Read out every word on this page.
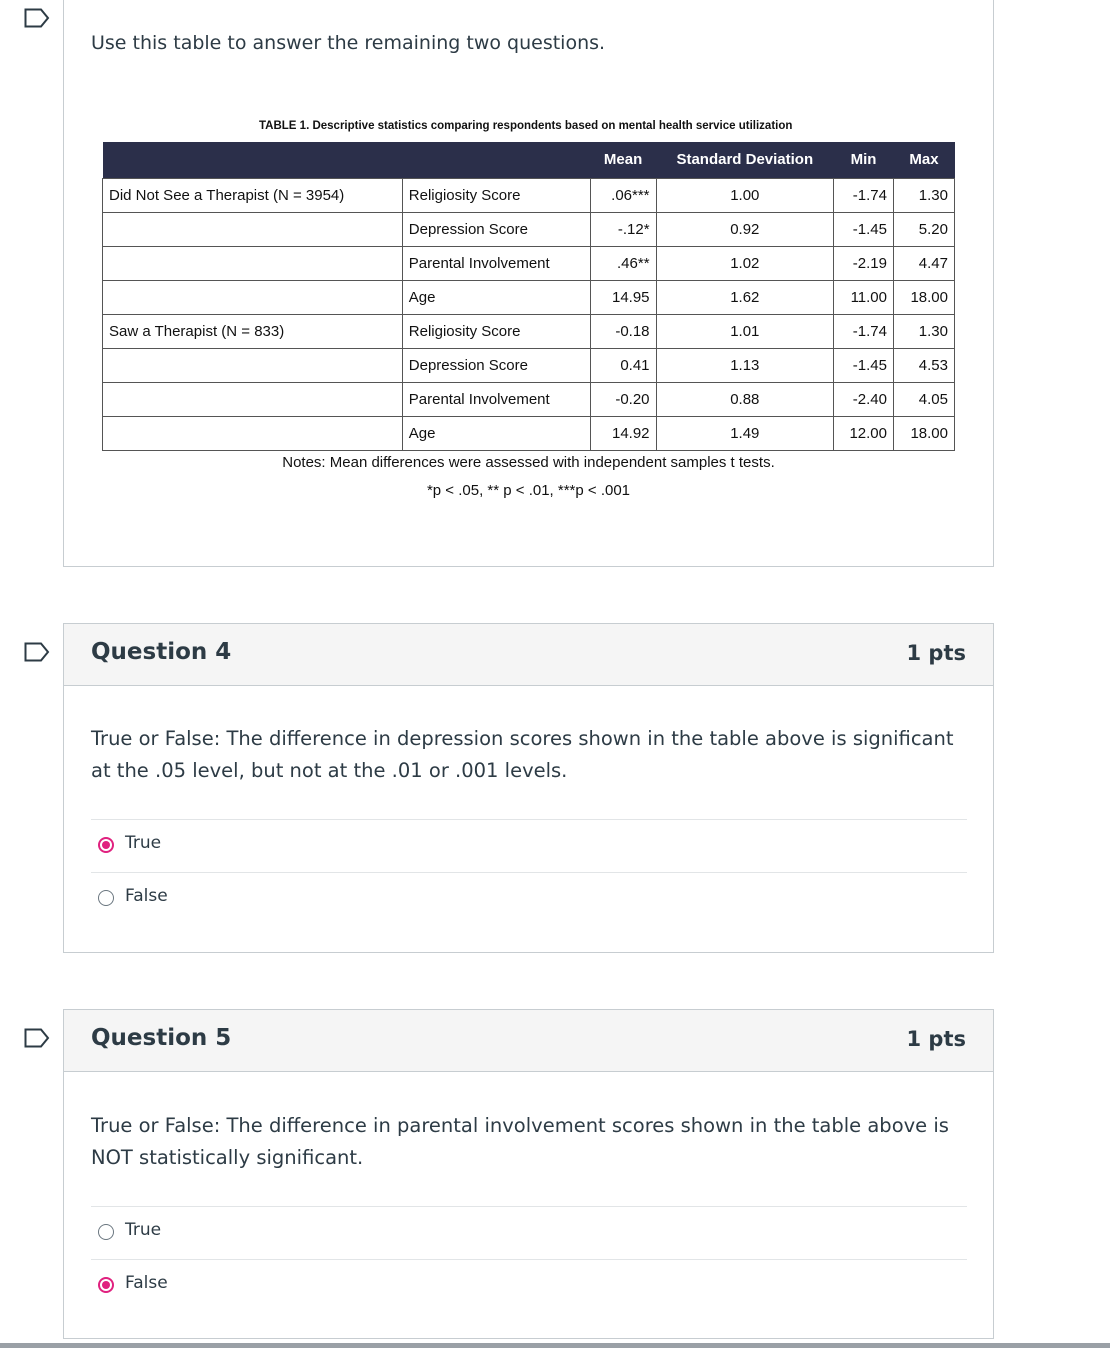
Use this table to answer the remaining two questions.
TABLE 1. Descriptive statistics comparing respondents based on mental health service utilization
		Mean	Standard Deviation	Min	Max
Did Not See a Therapist (N = 3954)	Religiosity Score	.06***	1.00	-1.74	1.30
	Depression Score	-.12*	0.92	-1.45	5.20
	Parental Involvement	.46**	1.02	-2.19	4.47
	Age	14.95	1.62	11.00	18.00
Saw a Therapist (N = 833)	Religiosity Score	-0.18	1.01	-1.74	1.30
	Depression Score	0.41	1.13	-1.45	4.53
	Parental Involvement	-0.20	0.88	-2.40	4.05
	Age	14.92	1.49	12.00	18.00
Notes: Mean differences were assessed with independent samples t tests.
*p < .05, ** p < .01, ***p < .001
Question 4	1 pts
True or False: The difference in depression scores shown in the table above is significant at the .05 level, but not at the .01 or .001 levels.
True
False
Question 5	1 pts
True or False: The difference in parental involvement scores shown in the table above is NOT statistically significant.
True
False
